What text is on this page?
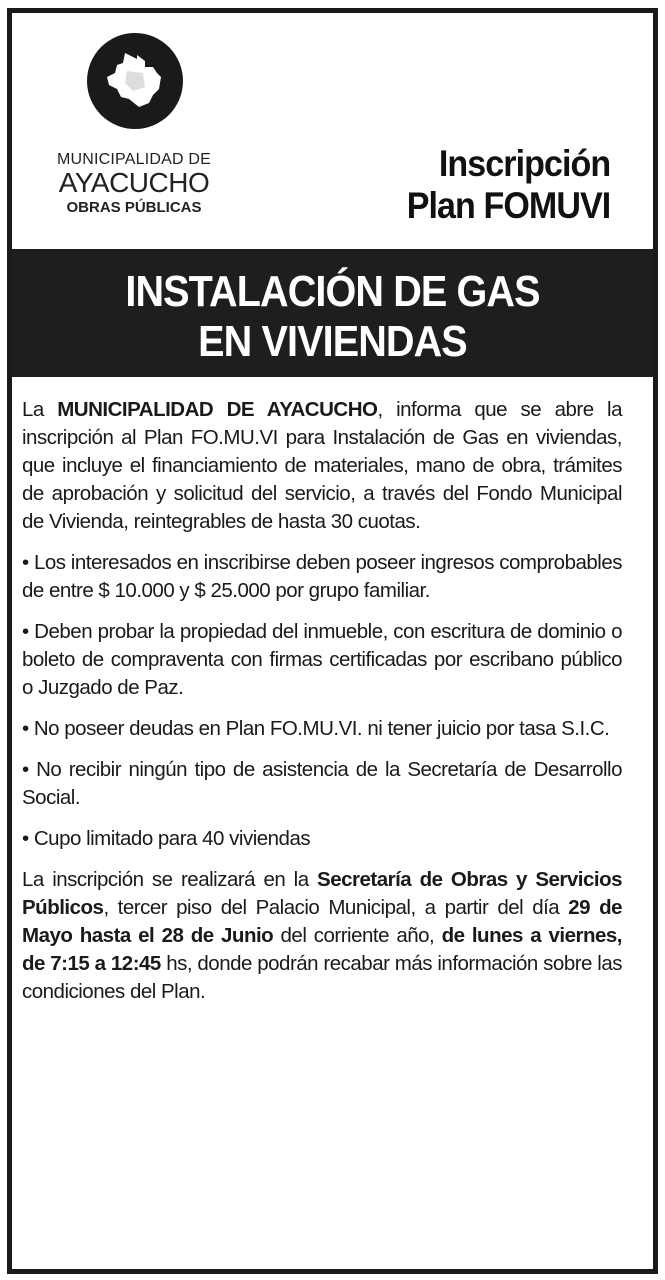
MUNICIPALIDAD DE
AYACUCHO
OBRAS PÚBLICAS
Inscripción
Plan FOMUVI
INSTALACIÓN DE GAS
EN VIVIENDAS

La MUNICIPALIDAD DE AYACUCHO, informa que se abre la inscripción al Plan FO.MU.VI para Instalación de Gas en viviendas, que incluye el financiamiento de materiales, mano de obra, trámites de aprobación y solicitud del servicio, a través del Fondo Municipal de Vivienda, reintegrables de hasta 30 cuotas.

• Los interesados en inscribirse deben poseer ingresos comprobables de entre $ 10.000 y $ 25.000 por grupo familiar.

• Deben probar la propiedad del inmueble, con escritura de dominio o boleto de compraventa con firmas certificadas por escribano público o Juzgado de Paz.

• No poseer deudas en Plan FO.MU.VI. ni tener juicio por tasa S.I.C.

• No recibir ningún tipo de asistencia de la Secretaría de Desarrollo Social.

• Cupo limitado para 40 viviendas

La inscripción se realizará en la Secretaría de Obras y Servicios Públicos, tercer piso del Palacio Municipal, a partir del día 29 de Mayo hasta el 28 de Junio del corriente año, de lunes a viernes, de 7:15 a 12:45 hs, donde podrán recabar más información sobre las condiciones del Plan.
